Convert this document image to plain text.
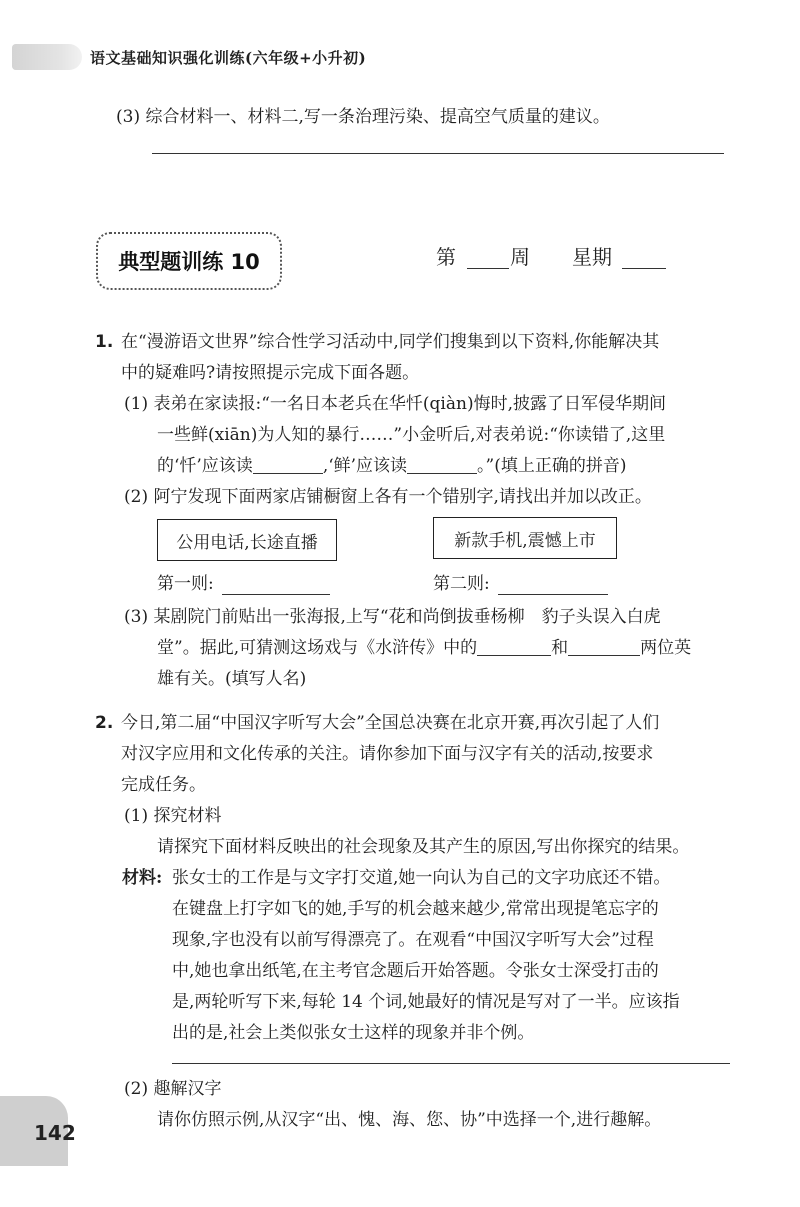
语文基础知识强化训练(六年级+小升初)
(3) 综合材料一、材料二,写一条治理污染、提高空气质量的建议。
典型题训练 10	第	周 星期
1. 在“漫游语文世界”综合性学习活动中,同学们搜集到以下资料,你能解决其
中的疑难吗?请按照提示完成下面各题。
(1) 表弟在家读报:“一名日本老兵在华忏(qiàn)悔时,披露了日军侵华期间
一些鲜(xiān)为人知的暴行……”小金听后,对表弟说:“你读错了,这里
的‘忏’应该读	,‘鲜’应该读	。”(填上正确的拼音)
(2) 阿宁发现下面两家店铺橱窗上各有一个错别字,请找出并加以改正。
公用电话,长途直播	新款手机,震憾上市
第一则:	第二则:
(3) 某剧院门前贴出一张海报,上写“花和尚倒拔垂杨柳　豹子头误入白虎
堂”。据此,可猜测这场戏与《水浒传》中的	和	两位英
雄有关。(填写人名)
2. 今日,第二届“中国汉字听写大会”全国总决赛在北京开赛,再次引起了人们
对汉字应用和文化传承的关注。请你参加下面与汉字有关的活动,按要求
完成任务。
(1) 探究材料
请探究下面材料反映出的社会现象及其产生的原因,写出你探究的结果。
材料: 张女士的工作是与文字打交道,她一向认为自己的文字功底还不错。
在键盘上打字如飞的她,手写的机会越来越少,常常出现提笔忘字的
现象,字也没有以前写得漂亮了。在观看“中国汉字听写大会”过程
中,她也拿出纸笔,在主考官念题后开始答题。令张女士深受打击的
是,两轮听写下来,每轮 14 个词,她最好的情况是写对了一半。应该指
出的是,社会上类似张女士这样的现象并非个例。
(2) 趣解汉字
请你仿照示例,从汉字“出、愧、海、您、协”中选择一个,进行趣解。
142
